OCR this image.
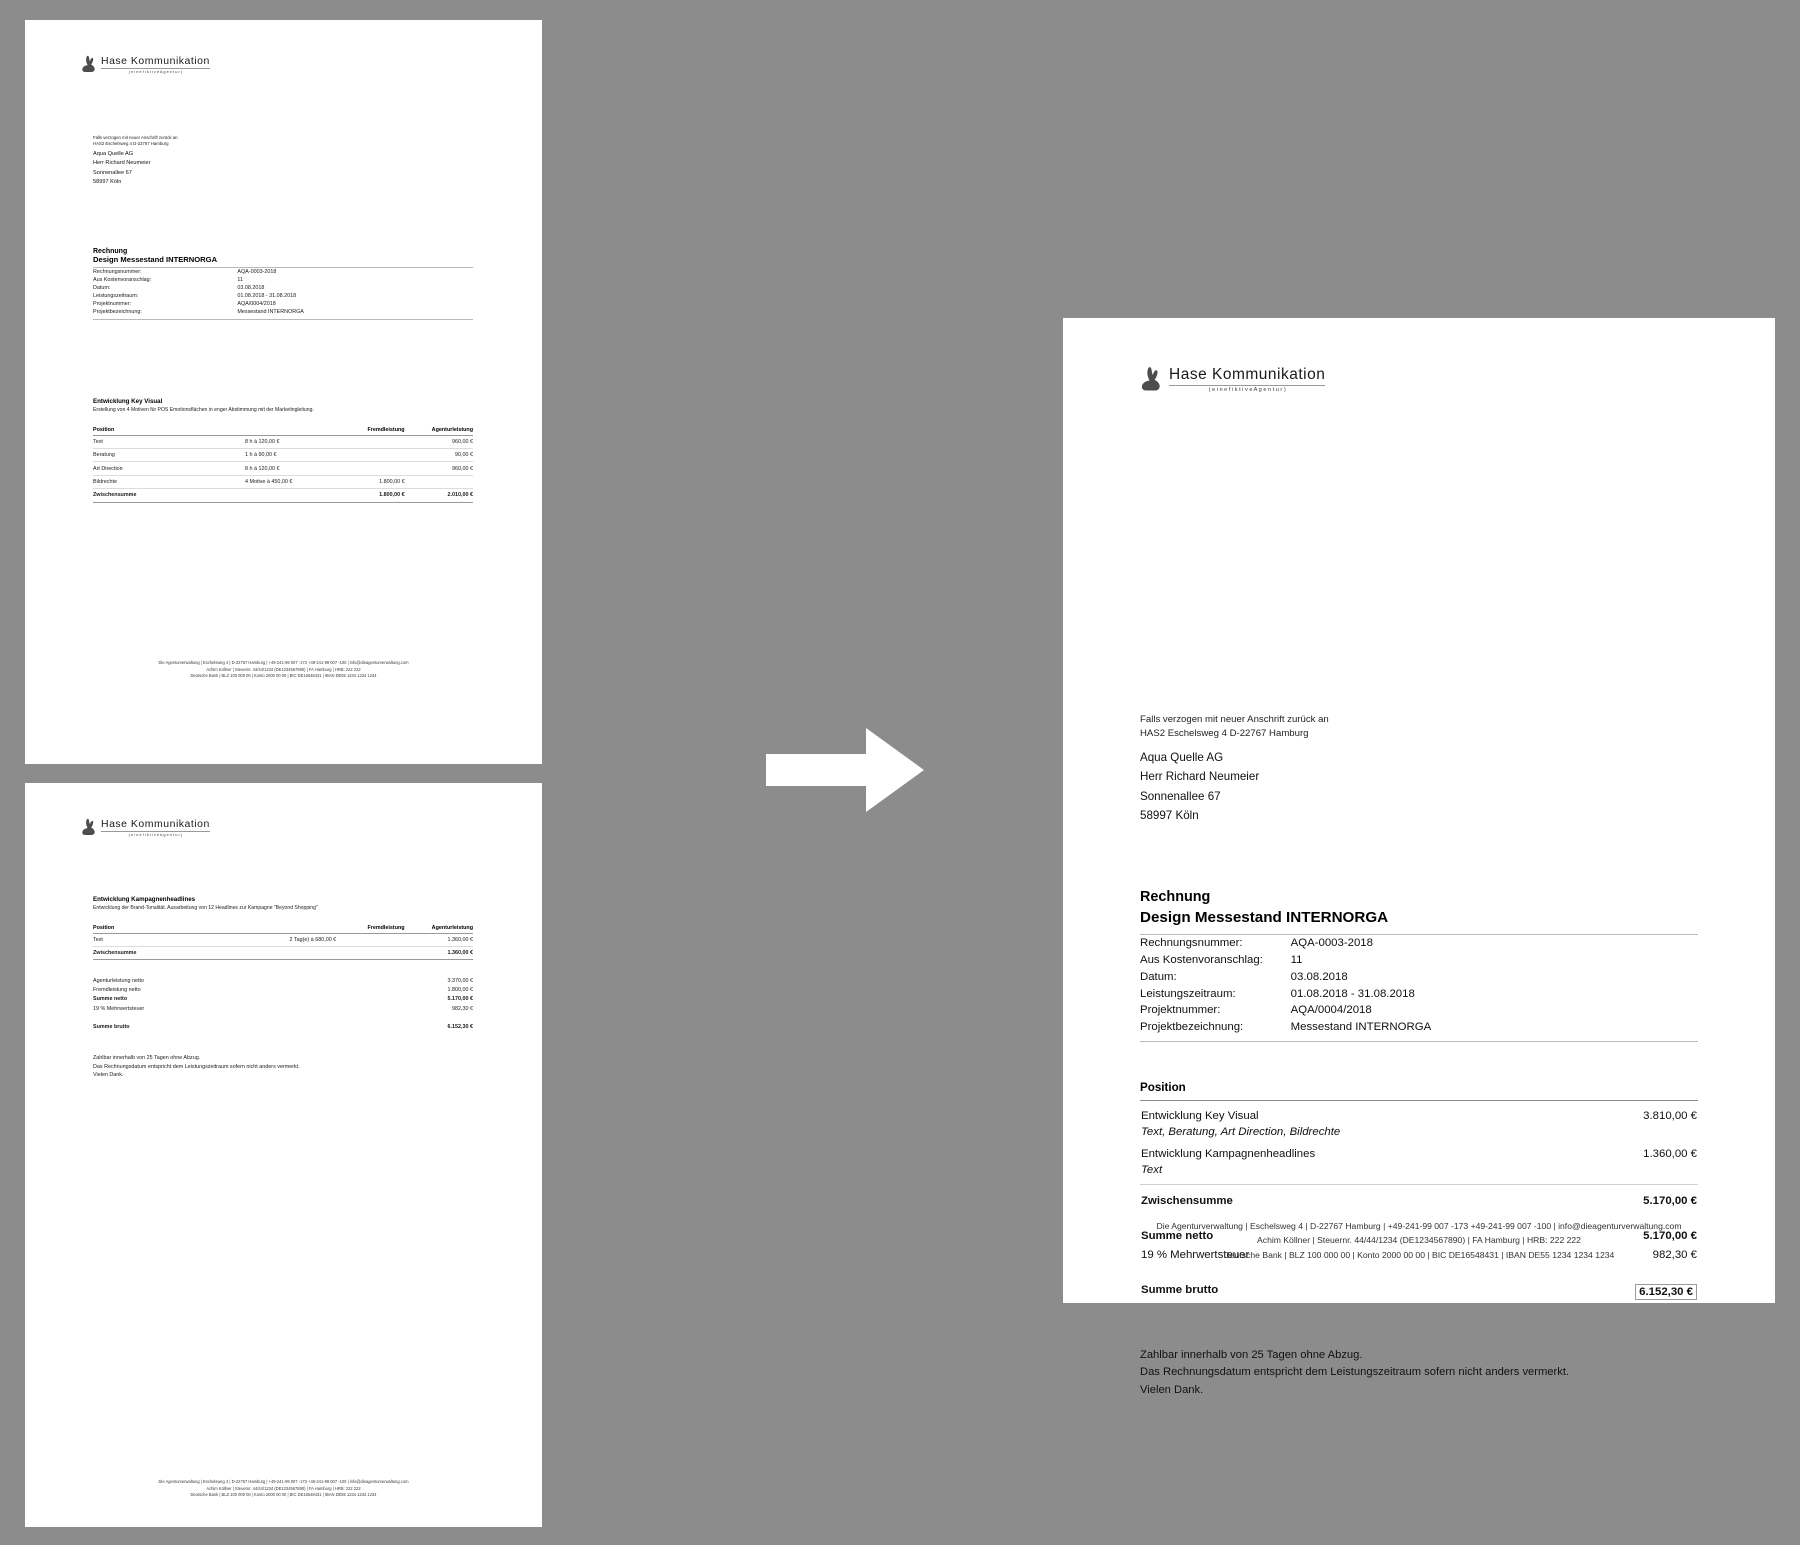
Hase Kommunikation
( e i n e f i k t i v e A g e n t u r )
Falls verzogen mit neuer Anschrift zurück an
HAS2 Eschelsweg 4 D-22767 Hamburg
Aqua Quelle AG
Herr Richard Neumeier
Sonnenallee 67
58997 Köln
Rechnung
Design Messestand INTERNORGA
Rechnungsnummer:	AQA-0003-2018
Aus Kostenvoranschlag:	11
Datum:	03.08.2018
Leistungszeitraum:	01.08.2018 - 31.08.2018
Projektnummer:	AQA/0004/2018
Projektbezeichnung:	Messestand INTERNORGA
Entwicklung Key Visual
Erstellung von 4 Motiven für POS Emotionsflächen in enger Abstimmung mit der Marketingleitung.
Position		Fremdleistung	Agenturleistung
Text	8 h à 120,00 €		960,00 €
Beratung	1 h à 90,00 €		90,00 €
Art Direction	8 h à 120,00 €		960,00 €
Bildrechte	4 Motive à 450,00 €	1.800,00 €	
Zwischensumme		1.800,00 €	2.010,00 €
Die Agenturverwaltung | Eschelsweg 4 | D-22767 Hamburg | +49-241-99 007 -173 +49-241-99 007 -100 | info@dieagenturverwaltung.com
Achim Köllner | Steuernr. 44/44/1234 (DE1234567890) | FA Hamburg | HRB: 222 222
Deutsche Bank | BLZ 100 000 00 | Konto 2000 00 00 | BIC DE16548431 | IBAN DE55 1234 1234 1234
Hase Kommunikation
( e i n e f i k t i v e A g e n t u r )
Entwicklung Kampagnenheadlines
Entwicklung der Brand-Tonalität. Ausarbeitung von 12 Headlines zur Kampagne "Beyond Shopping"
Position		Fremdleistung	Agenturleistung
Text	2 Tag(e) à 680,00 €		1.360,00 €
Zwischensumme			1.360,00 €
Agenturleistung netto	3.370,00 €
Fremdleistung netto	1.800,00 €
Summe netto	5.170,00 €
19 % Mehrwertsteuer	982,30 €
Summe brutto	6.152,30 €
Zahlbar innerhalb von 25 Tagen ohne Abzug.
Das Rechnungsdatum entspricht dem Leistungszeitraum sofern nicht anders vermerkt.
Vielen Dank.
Die Agenturverwaltung | Eschelsweg 4 | D-22767 Hamburg | +49-241-99 007 -173 +49-241-99 007 -100 | info@dieagenturverwaltung.com
Achim Köllner | Steuernr. 44/44/1234 (DE1234567890) | FA Hamburg | HRB: 222 222
Deutsche Bank | BLZ 100 000 00 | Konto 2000 00 00 | BIC DE16548431 | IBAN DE55 1234 1234 1234
Hase Kommunikation
( e i n e f i k t i v e A g e n t u r )
Falls verzogen mit neuer Anschrift zurück an
HAS2 Eschelsweg 4 D-22767 Hamburg
Aqua Quelle AG
Herr Richard Neumeier
Sonnenallee 67
58997 Köln
Rechnung
Design Messestand INTERNORGA
Rechnungsnummer:	AQA-0003-2018
Aus Kostenvoranschlag:	11
Datum:	03.08.2018
Leistungszeitraum:	01.08.2018 - 31.08.2018
Projektnummer:	AQA/0004/2018
Projektbezeichnung:	Messestand INTERNORGA
Position	
Entwicklung Key Visual	3.810,00 €
Text, Beratung, Art Direction, Bildrechte	
Entwicklung Kampagnenheadlines	1.360,00 €
Text	
Zwischensumme	5.170,00 €
Summe netto	5.170,00 €
19 % Mehrwertsteuer	982,30 €
Summe brutto	6.152,30 €
Zahlbar innerhalb von 25 Tagen ohne Abzug.
Das Rechnungsdatum entspricht dem Leistungszeitraum sofern nicht anders vermerkt.
Vielen Dank.
Die Agenturverwaltung | Eschelsweg 4 | D-22767 Hamburg | +49-241-99 007 -173 +49-241-99 007 -100 | info@dieagenturverwaltung.com
Achim Köllner | Steuernr. 44/44/1234 (DE1234567890) | FA Hamburg | HRB: 222 222
Deutsche Bank | BLZ 100 000 00 | Konto 2000 00 00 | BIC DE16548431 | IBAN DE55 1234 1234 1234
